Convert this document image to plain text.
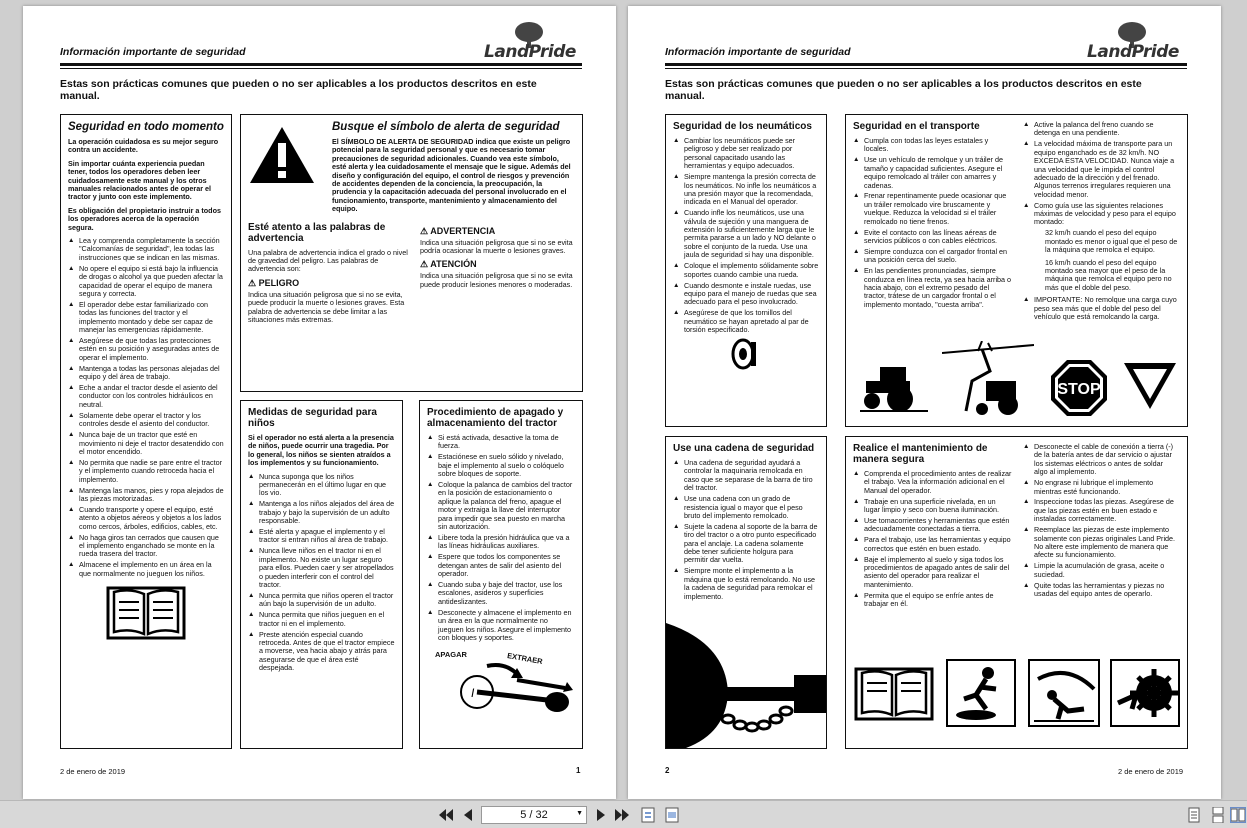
Información importante de seguridad	LandPride
Estas son prácticas comunes que pueden o no ser aplicables a los productos descritos en este manual.
Seguridad en todo momento

La operación cuidadosa es su mejor seguro contra un accidente.

Sin importar cuánta experiencia puedan tener, todos los operadores deben leer cuidadosamente este manual y los otros manuales relacionados antes de operar el tractor y junto con este implemento.

Es obligación del propietario instruir a todos los operadores acerca de la operación segura.

▲ Lea y comprenda completamente la sección "Calcomanías de seguridad", lea todas las instrucciones que se indican en las mismas.
▲ No opere el equipo si está bajo la influencia de drogas o alcohol ya que pueden afectar la capacidad de operar el equipo de manera segura y correcta.
▲ El operador debe estar familiarizado con todas las funciones del tractor y el implemento montado y debe ser capaz de manejar las emergencias rápidamente.
▲ Asegúrese de que todas las protecciones estén en su posición y aseguradas antes de operar el implemento.
▲ Mantenga a todas las personas alejadas del equipo y del área de trabajo.
▲ Eche a andar el tractor desde el asiento del conductor con los controles hidráulicos en neutral.
▲ Solamente debe operar el tractor y los controles desde el asiento del conductor.
▲ Nunca baje de un tractor que esté en movimiento ni deje el tractor desatendido con el motor encendido.
▲ No permita que nadie se pare entre el tractor y el implemento cuando retroceda hacia el implemento.
▲ Mantenga las manos, pies y ropa alejados de las piezas motorizadas.
▲ Cuando transporte y opere el equipo, esté atento a objetos aéreos y objetos a los lados como cercos, árboles, edificios, cables, etc.
▲ No haga giros tan cerrados que causen que el implemento enganchado se monte en la rueda trasera del tractor.
▲ Almacene el implemento en un área en la que normalmente no jueguen los niños.
Busque el símbolo de alerta de seguridad

El SÍMBOLO DE ALERTA DE SEGURIDAD indica que existe un peligro potencial para la seguridad personal y que es necesario tomar precauciones de seguridad adicionales. Cuando vea este símbolo, esté alerta y lea cuidadosamente el mensaje que le sigue. Además del diseño y configuración del equipo, el control de riesgos y prevención de accidentes dependen de la conciencia, la preocupación, la prudencia y la capacitación adecuada del personal involucrado en el funcionamiento, transporte, mantenimiento y almacenamiento del equipo.

Esté atento a las palabras de advertencia

Una palabra de advertencia indica el grado o nivel de gravedad del peligro. Las palabras de advertencia son:

⚠ PELIGRO

Indica una situación peligrosa que si no se evita, puede producir la muerte o lesiones graves. Esta palabra de advertencia se debe limitar a las situaciones más extremas.

⚠ ADVERTENCIA

Indica una situación peligrosa que si no se evita podría ocasionar la muerte o lesiones graves.

⚠ ATENCIÓN

Indica una situación peligrosa que si no se evita puede producir lesiones menores o moderadas.

Medidas de seguridad para niños

Si el operador no está alerta a la presencia de niños, puede ocurrir una tragedia. Por lo general, los niños se sienten atraídos a los implementos y su funcionamiento.

▲ Nunca suponga que los niños permanecerán en el último lugar en que los vio.
▲ Mantenga a los niños alejados del área de trabajo y bajo la supervisión de un adulto responsable.
▲ Esté alerta y apague el implemento y el tractor si entran niños al área de trabajo.
▲ Nunca lleve niños en el tractor ni en el implemento. No existe un lugar seguro para ellos. Pueden caer y ser atropellados o pueden interferir con el control del tractor.
▲ Nunca permita que niños operen el tractor aún bajo la supervisión de un adulto.
▲ Nunca permita que niños jueguen en el tractor ni en el implemento.
▲ Preste atención especial cuando retroceda. Antes de que el tractor empiece a moverse, vea hacia abajo y atrás para asegurarse de que el área esté despejada.
Procedimiento de apagado y almacenamiento del tractor
▲ Si está activada, desactive la toma de fuerza.
▲ Estaciónese en suelo sólido y nivelado, baje el implemento al suelo o colóquelo sobre bloques de soporte.
▲ Coloque la palanca de cambios del tractor en la posición de estacionamiento o aplique la palanca del freno, apague el motor y extraiga la llave del interruptor para impedir que sea puesto en marcha sin autorización.
▲ Libere toda la presión hidráulica que va a las líneas hidráulicas auxiliares.
▲ Espere que todos los componentes se detengan antes de salir del asiento del operador.
▲ Cuando suba y baje del tractor, use los escalones, asideros y superficies antideslizantes.
▲ Desconecte y almacene el implemento en un área en la que normalmente no jueguen los niños. Asegure el implemento con bloques y soportes.
APAGAR	EXTRAER
I
2 de enero de 2019	1
Información importante de seguridad	LandPride
Estas son prácticas comunes que pueden o no ser aplicables a los productos descritos en este manual.
Seguridad de los neumáticos
▲ Cambiar los neumáticos puede ser peligroso y debe ser realizado por personal capacitado usando las herramientas y equipo adecuados.
▲ Siempre mantenga la presión correcta de los neumáticos. No infle los neumáticos a una presión mayor que la recomendada, indicada en el Manual del operador.
▲ Cuando infle los neumáticos, use una válvula de sujeción y una manguera de extensión lo suficientemente larga que le permita pararse a un lado y NO delante o sobre el conjunto de la rueda. Use una jaula de seguridad si hay una disponible.
▲ Coloque el implemento sólidamente sobre soportes cuando cambie una rueda.
▲ Cuando desmonte e instale ruedas, use equipo para el manejo de ruedas que sea adecuado para el peso involucrado.
▲ Asegúrese de que los tornillos del neumático se hayan apretado al par de torsión especificado.
Seguridad en el transporte
▲ Cumpla con todas las leyes estatales y locales.
▲ Use un vehículo de remolque y un tráiler de tamaño y capacidad suficientes. Asegure el equipo remolcado al tráiler con amarres y cadenas.
▲ Frenar repentinamente puede ocasionar que un tráiler remolcado vire bruscamente y vuelque. Reduzca la velocidad si el tráiler remolcado no tiene frenos.
▲ Evite el contacto con las líneas aéreas de servicios públicos o con cables eléctricos.
▲ Siempre conduzca con el cargador frontal en una posición cerca del suelo.
▲ En las pendientes pronunciadas, siempre conduzca en línea recta, ya sea hacia arriba o hacia abajo, con el extremo pesado del tractor, trátese de un cargador frontal o el implemento montado, "cuesta arriba".
▲ Active la palanca del freno cuando se detenga en una pendiente.
▲ La velocidad máxima de transporte para un equipo enganchado es de 32 km/h. NO EXCEDA ESTA VELOCIDAD. Nunca viaje a una velocidad que le impida el control adecuado de la dirección y del frenado. Algunos terrenos irregulares requieren una velocidad menor.
▲ Como guía use las siguientes relaciones máximas de velocidad y peso para el equipo montado:

32 km/h cuando el peso del equipo montado es menor o igual que el peso de la máquina que remolca el equipo.

16 km/h cuando el peso del equipo montado sea mayor que el peso de la máquina que remolca el equipo pero no más que el doble del peso.

▲ IMPORTANTE: No remolque una carga cuyo peso sea más que el doble del peso del vehículo que está remolcando la carga.
STOP
Use una cadena de seguridad
▲ Una cadena de seguridad ayudará a controlar la maquinaria remolcada en caso que se separase de la barra de tiro del tractor.
▲ Use una cadena con un grado de resistencia igual o mayor que el peso bruto del implemento remolcado.
▲ Sujete la cadena al soporte de la barra de tiro del tractor o a otro punto especificado para el anclaje. La cadena solamente debe tener suficiente holgura para permitir dar vuelta.
▲ Siempre monte el implemento a la máquina que lo está remolcando. No use la cadena de seguridad para remolcar el implemento.
Realice el mantenimiento de manera segura
▲ Comprenda el procedimiento antes de realizar el trabajo. Vea la información adicional en el Manual del operador.
▲ Trabaje en una superficie nivelada, en un lugar limpio y seco con buena iluminación.
▲ Use tomacorrientes y herramientas que estén adecuadamente conectadas a tierra.
▲ Para el trabajo, use las herramientas y equipo correctos que estén en buen estado.
▲ Baje el implemento al suelo y siga todos los procedimientos de apagado antes de salir del asiento del operador para realizar el mantenimiento.
▲ Permita que el equipo se enfríe antes de trabajar en él.
▲ Desconecte el cable de conexión a tierra (-) de la batería antes de dar servicio o ajustar los sistemas eléctricos o antes de soldar algo al implemento.
▲ No engrase ni lubrique el implemento mientras esté funcionando.
▲ Inspeccione todas las piezas. Asegúrese de que las piezas estén en buen estado e instaladas correctamente.
▲ Reemplace las piezas de este implemento solamente con piezas originales Land Pride. No altere este implemento de manera que afecte su funcionamiento.
▲ Limpie la acumulación de grasa, aceite o suciedad.
▲ Quite todas las herramientas y piezas no usadas del equipo antes de operarlo.
2	2 de enero de 2019
5 / 32	▼
